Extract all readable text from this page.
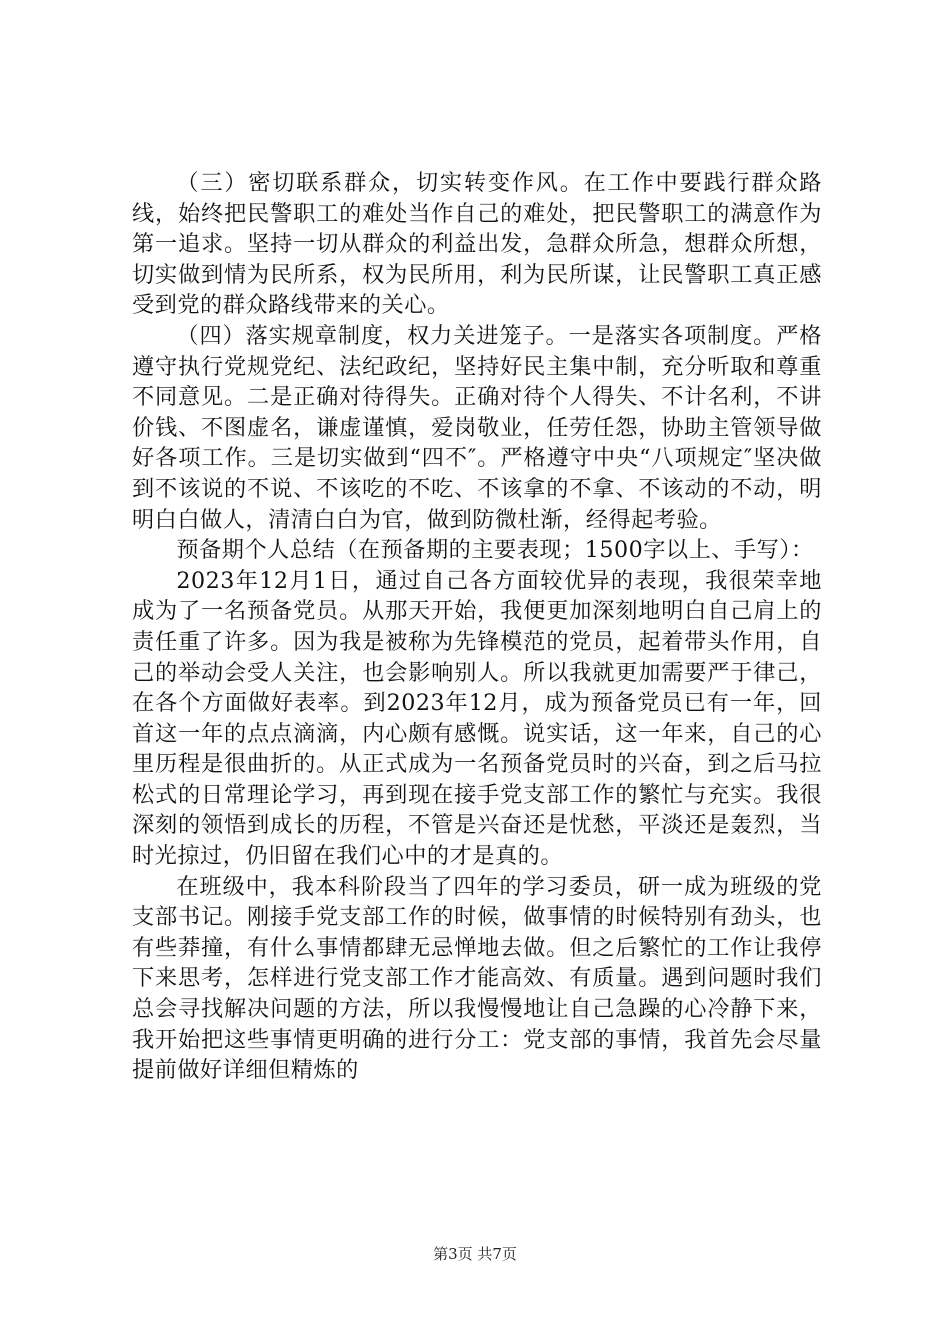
（三）密切联系群众，切实转变作风。在工作中要践行群众路线，始终把民警职工的难处当作自己的难处，把民警职工的满意作为第一追求。坚持一切从群众的利益出发，急群众所急，想群众所想，切实做到情为民所系，权为民所用，利为民所谋，让民警职工真正感受到党的群众路线带来的关心。

（四）落实规章制度，权力关进笼子。一是落实各项制度。严格遵守执行党规党纪、法纪政纪，坚持好民主集中制，充分听取和尊重不同意见。二是正确对待得失。正确对待个人得失、不计名利，不讲价钱、不图虚名，谦虚谨慎，爱岗敬业，任劳任怨，协助主管领导做好各项工作。三是切实做到“四不″。严格遵守中央“八项规定″坚决做到不该说的不说、不该吃的不吃、不该拿的不拿、不该动的不动，明明白白做人，清清白白为官，做到防微杜渐，经得起考验。

预备期个人总结（在预备期的主要表现；1500字以上、手写）：

2023年12月1日，通过自己各方面较优异的表现，我很荣幸地成为了一名预备党员。从那天开始，我便更加深刻地明白自己肩上的责任重了许多。因为我是被称为先锋模范的党员，起着带头作用，自己的举动会受人关注，也会影响别人。所以我就更加需要严于律己，在各个方面做好表率。到2023年12月，成为预备党员已有一年，回首这一年的点点滴滴，内心颇有感慨。说实话，这一年来，自己的心里历程是很曲折的。从正式成为一名预备党员时的兴奋，到之后马拉松式的日常理论学习，再到现在接手党支部工作的繁忙与充实。我很深刻的领悟到成长的历程，不管是兴奋还是忧愁，平淡还是轰烈，当时光掠过，仍旧留在我们心中的才是真的。

在班级中，我本科阶段当了四年的学习委员，研一成为班级的党支部书记。刚接手党支部工作的时候，做事情的时候特别有劲头，也有些莽撞，有什么事情都肆无忌惮地去做。但之后繁忙的工作让我停下来思考，怎样进行党支部工作才能高效、有质量。遇到问题时我们总会寻找解决问题的方法，所以我慢慢地让自己急躁的心冷静下来，我开始把这些事情更明确的进行分工：党支部的事情，我首先会尽量提前做好详细但精炼的

第3页 共7页
